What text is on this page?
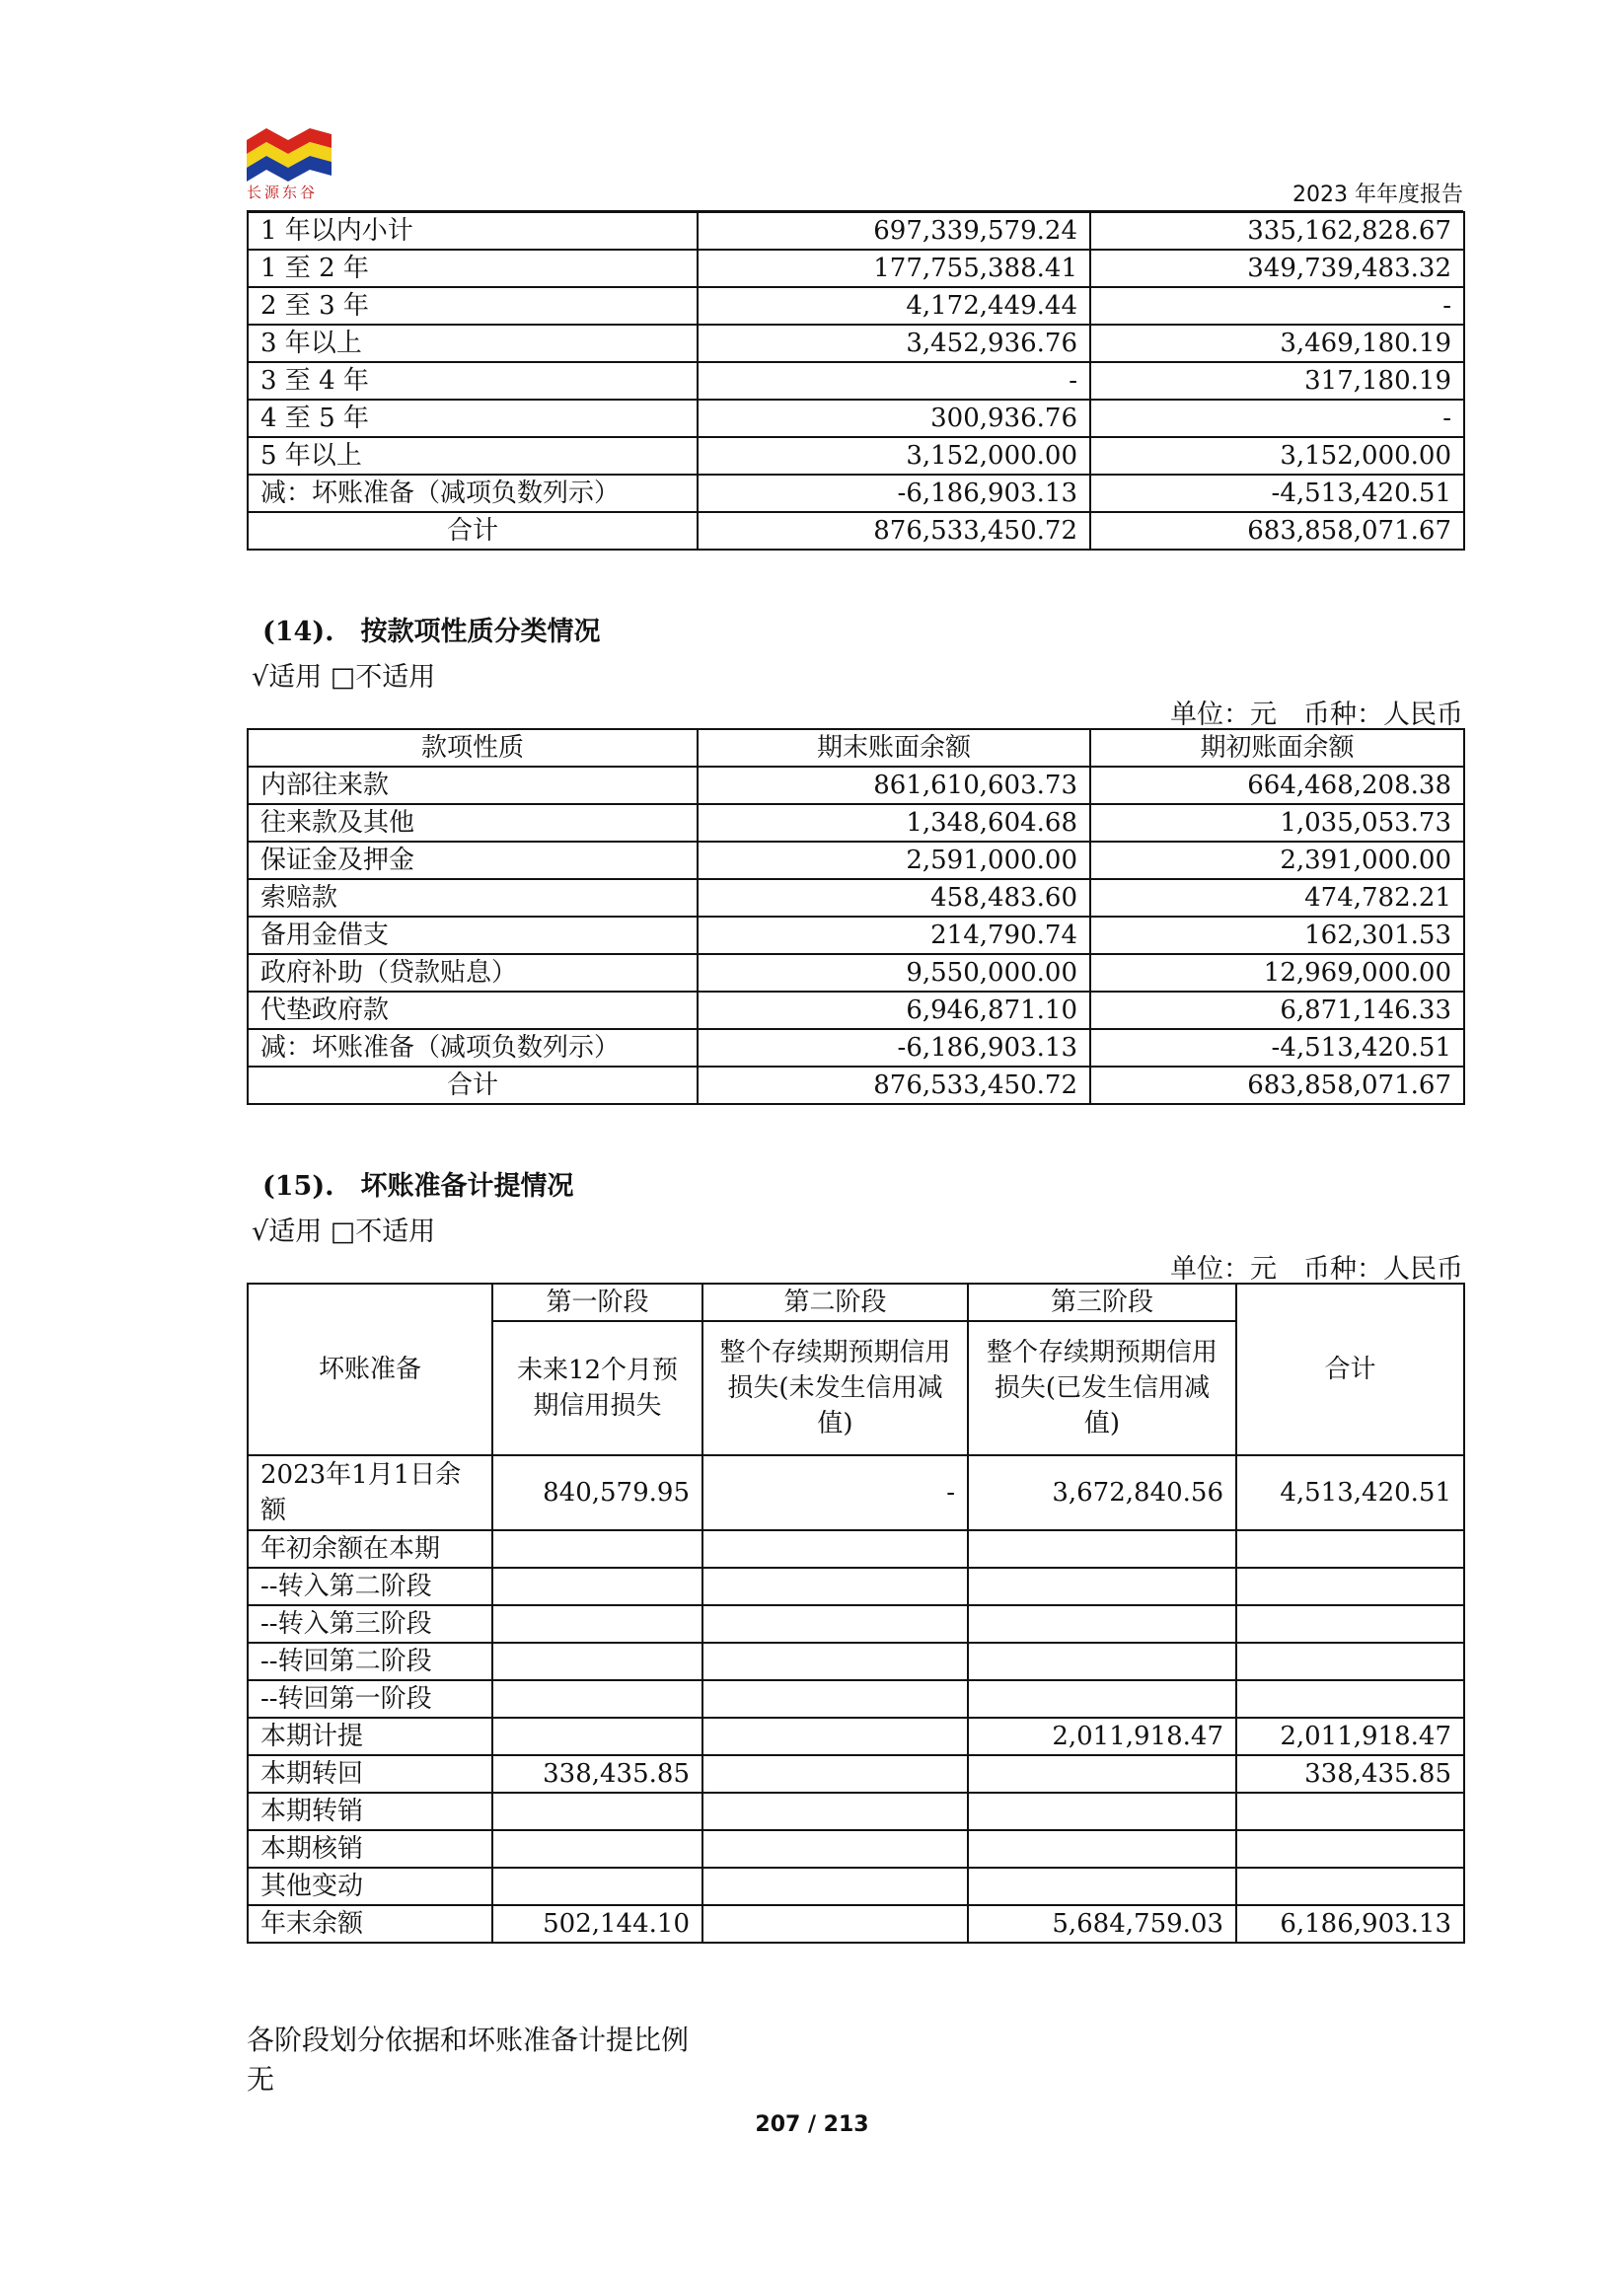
长源东谷	2023 年年度报告
1 年以内小计	697,339,579.24	335,162,828.67
1 至 2 年	177,755,388.41	349,739,483.32
2 至 3 年	4,172,449.44	-
3 年以上	3,452,936.76	3,469,180.19
3 至 4 年	-	317,180.19
4 至 5 年	300,936.76	-
5 年以上	3,152,000.00	3,152,000.00
减：坏账准备（减项负数列示）	-6,186,903.13	-4,513,420.51
合计	876,533,450.72	683,858,071.67
(14).　按款项性质分类情况
√适用 □不适用
单位：元　币种：人民币
款项性质	期末账面余额	期初账面余额
内部往来款	861,610,603.73	664,468,208.38
往来款及其他	1,348,604.68	1,035,053.73
保证金及押金	2,591,000.00	2,391,000.00
索赔款	458,483.60	474,782.21
备用金借支	214,790.74	162,301.53
政府补助（贷款贴息）	9,550,000.00	12,969,000.00
代垫政府款	6,946,871.10	6,871,146.33
减：坏账准备（减项负数列示）	-6,186,903.13	-4,513,420.51
合计	876,533,450.72	683,858,071.67
(15).　坏账准备计提情况
√适用 □不适用
单位：元　币种：人民币
坏账准备	第一阶段	第二阶段	第三阶段	合计
	未来12个月预期信用损失	整个存续期预期信用损失(未发生信用减值)	整个存续期预期信用损失(已发生信用减值)	
2023年1月1日余额	840,579.95	-	3,672,840.56	4,513,420.51
年初余额在本期				
--转入第二阶段				
--转入第三阶段				
--转回第二阶段				
--转回第一阶段				
本期计提			2,011,918.47	2,011,918.47
本期转回	338,435.85			338,435.85
本期转销				
本期核销				
其他变动				
年末余额	502,144.10		5,684,759.03	6,186,903.13
各阶段划分依据和坏账准备计提比例
无
207 / 213
